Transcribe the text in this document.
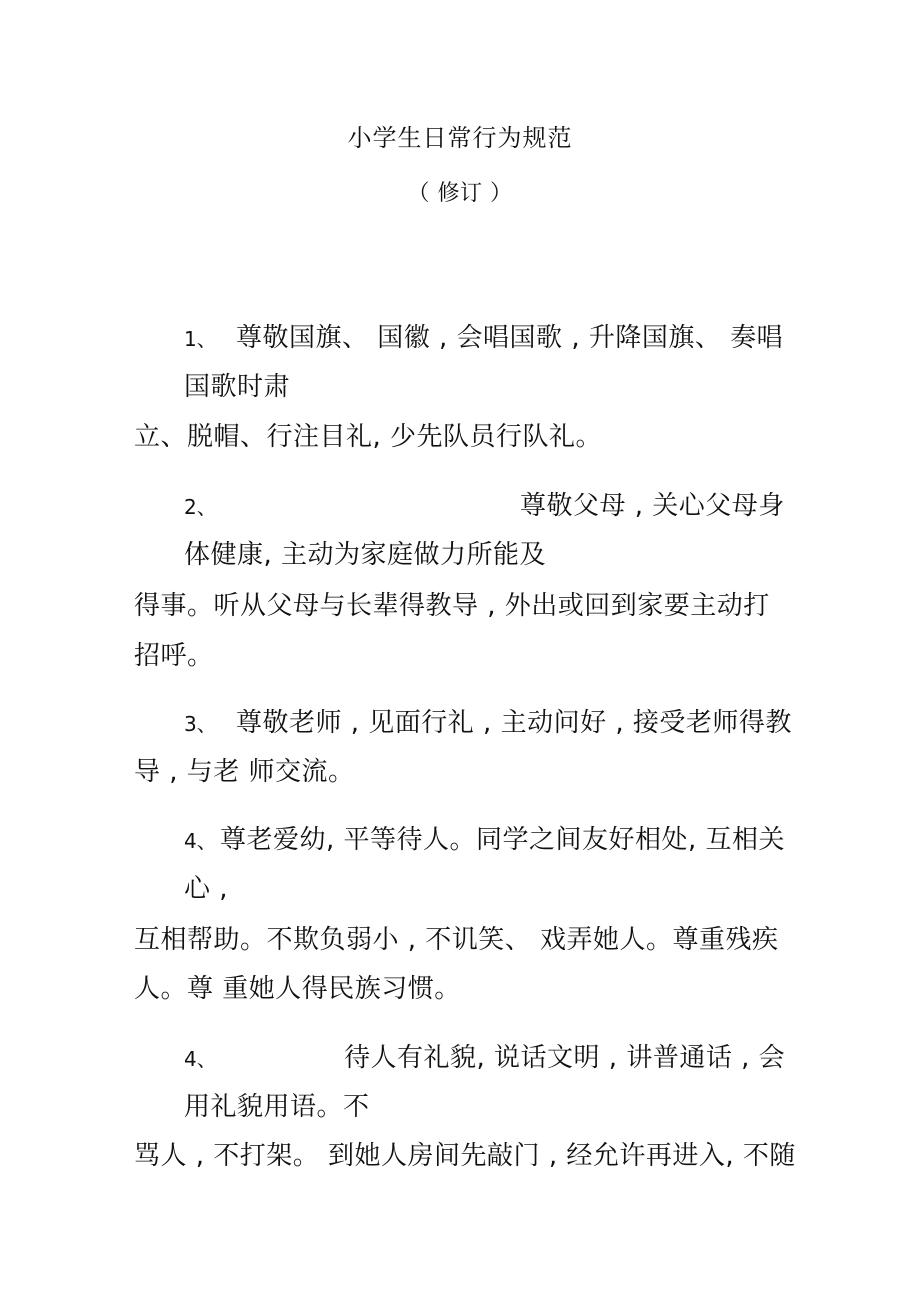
小学生日常行为规范
（ 修订 ）
1、 尊敬国旗、 国徽 , 会唱国歌 , 升降国旗、 奏唱
国歌时肃
立、脱帽、行注目礼, 少先队员行队礼。
2、	尊敬父母 , 关心父母身
体健康, 主动为家庭做力所能及
得事。听从父母与长辈得教导 , 外出或回到家要主动打
招呼。
3、 尊敬老师 , 见面行礼 , 主动问好 , 接受老师得教
导 , 与老 师交流。
4、 尊老爱幼, 平等待人。同学之间友好相处, 互相关
心 ,
互相帮助。不欺负弱小 , 不讥笑、 戏弄她人。尊重残疾
人。尊 重她人得民族习惯。
4、	待人有礼貌, 说话文明 , 讲普通话 , 会
用礼貌用语。不
骂人 , 不打架。 到她人房间先敲门 , 经允许再进入, 不随
